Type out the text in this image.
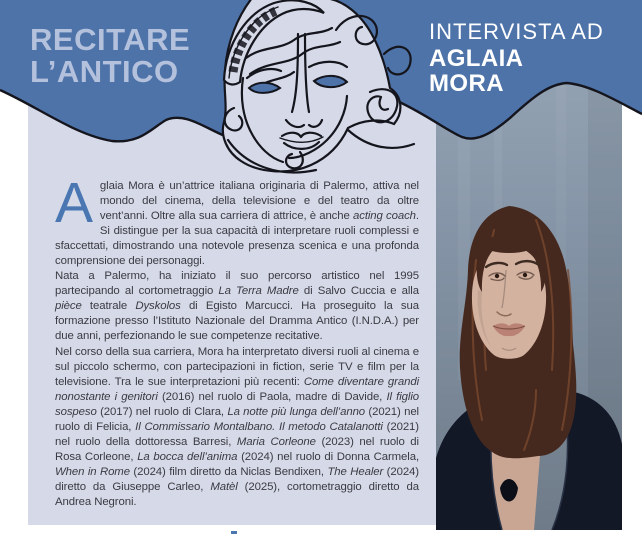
RECITARE
L’ANTICO
INTERVISTA AD
AGLAIA
MORA

Aglaia Mora è un’attrice italiana originaria di Palermo, attiva nel mondo del cinema, della televisione e del teatro da oltre vent’anni. Oltre alla sua carriera di attrice, è anche acting coach. Si distingue per la sua capacità di interpretare ruoli complessi e sfaccettati, dimostrando una notevole presenza scenica e una profonda comprensione dei personaggi.

Nata a Palermo, ha iniziato il suo percorso artistico nel 1995 partecipando al cortometraggio La Terra Madre di Salvo Cuccia e alla pièce teatrale Dyskolos di Egisto Marcucci. Ha proseguito la sua formazione presso l’Istituto Nazionale del Dramma Antico (I.N.D.A.) per due anni, perfezionando le sue competenze recitative.

Nel corso della sua carriera, Mora ha interpretato diversi ruoli al cinema e sul piccolo schermo, con partecipazioni in fiction, serie TV e film per la televisione. Tra le sue interpretazioni più recenti: Come diventare grandi nonostante i genitori (2016) nel ruolo di Paola, madre di Davide, Il figlio sospeso (2017) nel ruolo di Clara, La notte più lunga dell’anno (2021) nel ruolo di Felicia, Il Commissario Montalbano. Il metodo Catalanotti (2021) nel ruolo della dottoressa Barresi, Maria Corleone (2023) nel ruolo di Rosa Corleone, La bocca dell’anima (2024) nel ruolo di Donna Carmela, When in Rome (2024) film diretto da Niclas Bendixen, The Healer (2024) diretto da Giuseppe Carleo, Matèl (2025), cortometraggio diretto da Andrea Negroni.
